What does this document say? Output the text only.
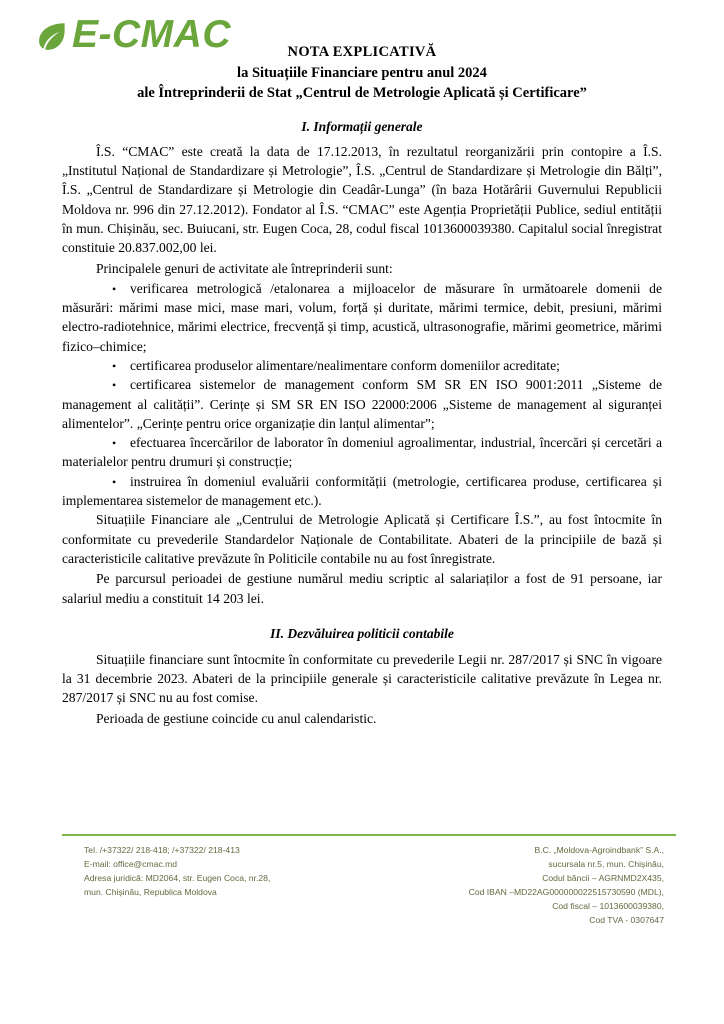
E-CMAC	NOTA EXPLICATIVĂ
la Situațiile Financiare pentru anul 2024
ale Întreprinderii de Stat „Centrul de Metrologie Aplicată și Certificare”
I. Informații generale

Î.S. “CMAC” este creată la data de 17.12.2013, în rezultatul reorganizării prin contopire a Î.S. „Institutul Național de Standardizare și Metrologie”, Î.S. „Centrul de Standardizare și Metrologie din Bălți”, Î.S. „Centrul de Standardizare și Metrologie din Ceadâr-Lunga” (în baza Hotărârii Guvernului Republicii Moldova nr. 996 din 27.12.2012). Fondator al Î.S. “CMAC” este Agenția Proprietății Publice, sediul entității în mun. Chișinău, sec. Buiucani, str. Eugen Coca, 28, codul fiscal 1013600039380. Capitalul social înregistrat constituie 20.837.002,00 lei.

Principalele genuri de activitate ale întreprinderii sunt:

•verificarea metrologică /etalonarea a mijloacelor de măsurare în următoarele domenii de măsurări: mărimi mase mici, mase mari, volum, forță și duritate, mărimi termice, debit, presiuni, mărimi electro-radiotehnice, mărimi electrice, frecvență și timp, acustică, ultrasonografie, mărimi geometrice, mărimi fizico–chimice;
•certificarea produselor alimentare/nealimentare conform domeniilor acreditate;
•certificarea sistemelor de management conform SM SR EN ISO 9001:2011 „Sisteme de management al calității”. Cerințe și SM SR EN ISO 22000:2006 „Sisteme de management al siguranței alimentelor”. „Cerințe pentru orice organizație din lanțul alimentar”;
•efectuarea încercărilor de laborator în domeniul agroalimentar, industrial, încercări și cercetări a materialelor pentru drumuri și construcție;
•instruirea în domeniul evaluării conformității (metrologie, certificarea produse, certificarea și implementarea sistemelor de management etc.).

Situațiile Financiare ale „Centrului de Metrologie Aplicată și Certificare Î.S.”, au fost întocmite în conformitate cu prevederile Standardelor Naționale de Contabilitate. Abateri de la principiile de bază și caracteristicile calitative prevăzute în Politicile contabile nu au fost înregistrate.

Pe parcursul perioadei de gestiune numărul mediu scriptic al salariaților a fost de 91 persoane, iar salariul mediu a constituit 14 203 lei.

II. Dezvăluirea politicii contabile

Situațiile financiare sunt întocmite în conformitate cu prevederile Legii nr. 287/2017 și SNC în vigoare la 31 decembrie 2023. Abateri de la principiile generale și caracteristicile calitative prevăzute în Legea nr. 287/2017 și SNC nu au fost comise.

Perioada de gestiune coincide cu anul calendaristic.

Tel. /+37322/ 218-418; /+37322/ 218-413
E-mail: office@cmac.md
Adresa juridică: MD2064, str. Eugen Coca, nr.28,
mun. Chișinău, Republica Moldova
B.C. „Moldova-Agroindbank” S.A.,
sucursala nr.5, mun. Chișinău,
Codul băncii – AGRNMD2X435,
Cod IBAN –MD22AG000000022515730590 (MDL),
Cod fiscal – 1013600039380,
Cod TVA - 0307647
